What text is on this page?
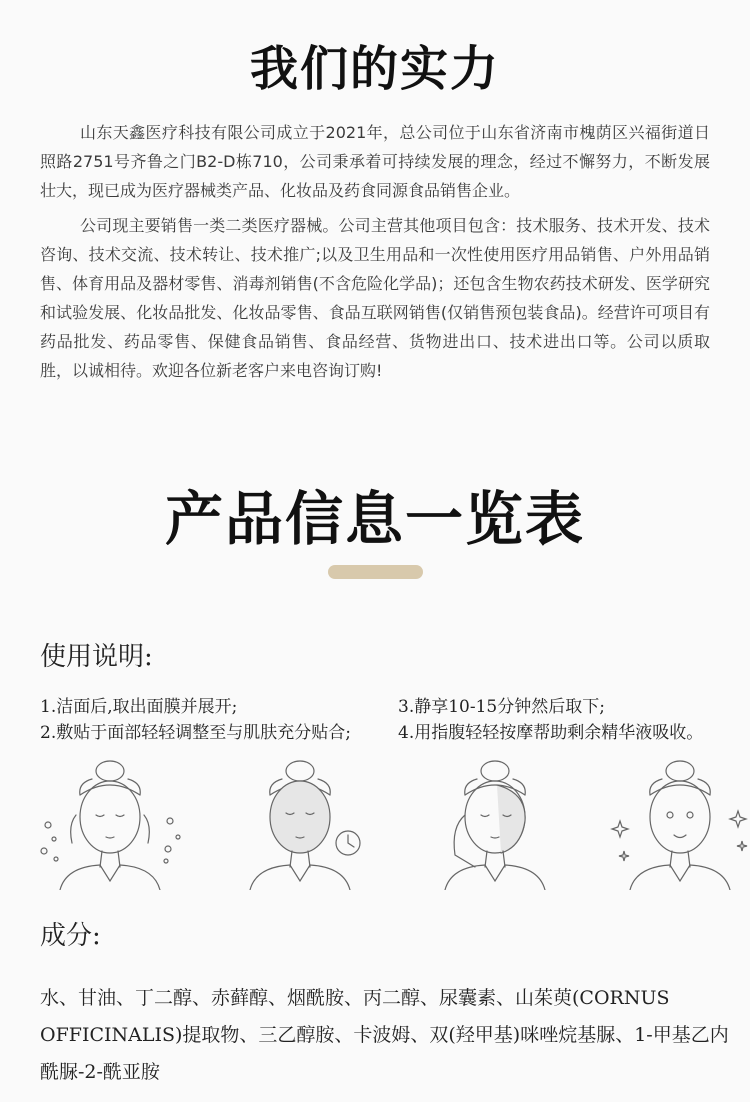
我们的实力

山东天鑫医疗科技有限公司成立于2021年，总公司位于山东省济南市槐荫区兴福街道日照路2751号齐鲁之门B2-D栋710，公司秉承着可持续发展的理念，经过不懈努力，不断发展壮大，现已成为医疗器械类产品、化妆品及药食同源食品销售企业。

公司现主要销售一类二类医疗器械。公司主营其他项目包含：技术服务、技术开发、技术咨询、技术交流、技术转让、技术推广;以及卫生用品和一次性使用医疗用品销售、户外用品销售、体育用品及器材零售、消毒剂销售(不含危险化学品)；还包含生物农药技术研发、医学研究和试验发展、化妆品批发、化妆品零售、食品互联网销售(仅销售预包装食品)。经营许可项目有药品批发、药品零售、保健食品销售、食品经营、货物进出口、技术进出口等。公司以质取胜，以诚相待。欢迎各位新老客户来电咨询订购!

产品信息一览表
使用说明:
1.洁面后,取出面膜并展开;
2.敷贴于面部轻轻调整至与肌肤充分贴合;
3.静享10-15分钟然后取下;
4.用指腹轻轻按摩帮助剩余精华液吸收。
成分:

水、甘油、丁二醇、赤藓醇、烟酰胺、丙二醇、尿囊素、山茱萸(CORNUS OFFICINALIS)提取物、三乙醇胺、卡波姆、双(羟甲基)咪唑烷基脲、1-甲基乙内酰脲-2-酰亚胺
